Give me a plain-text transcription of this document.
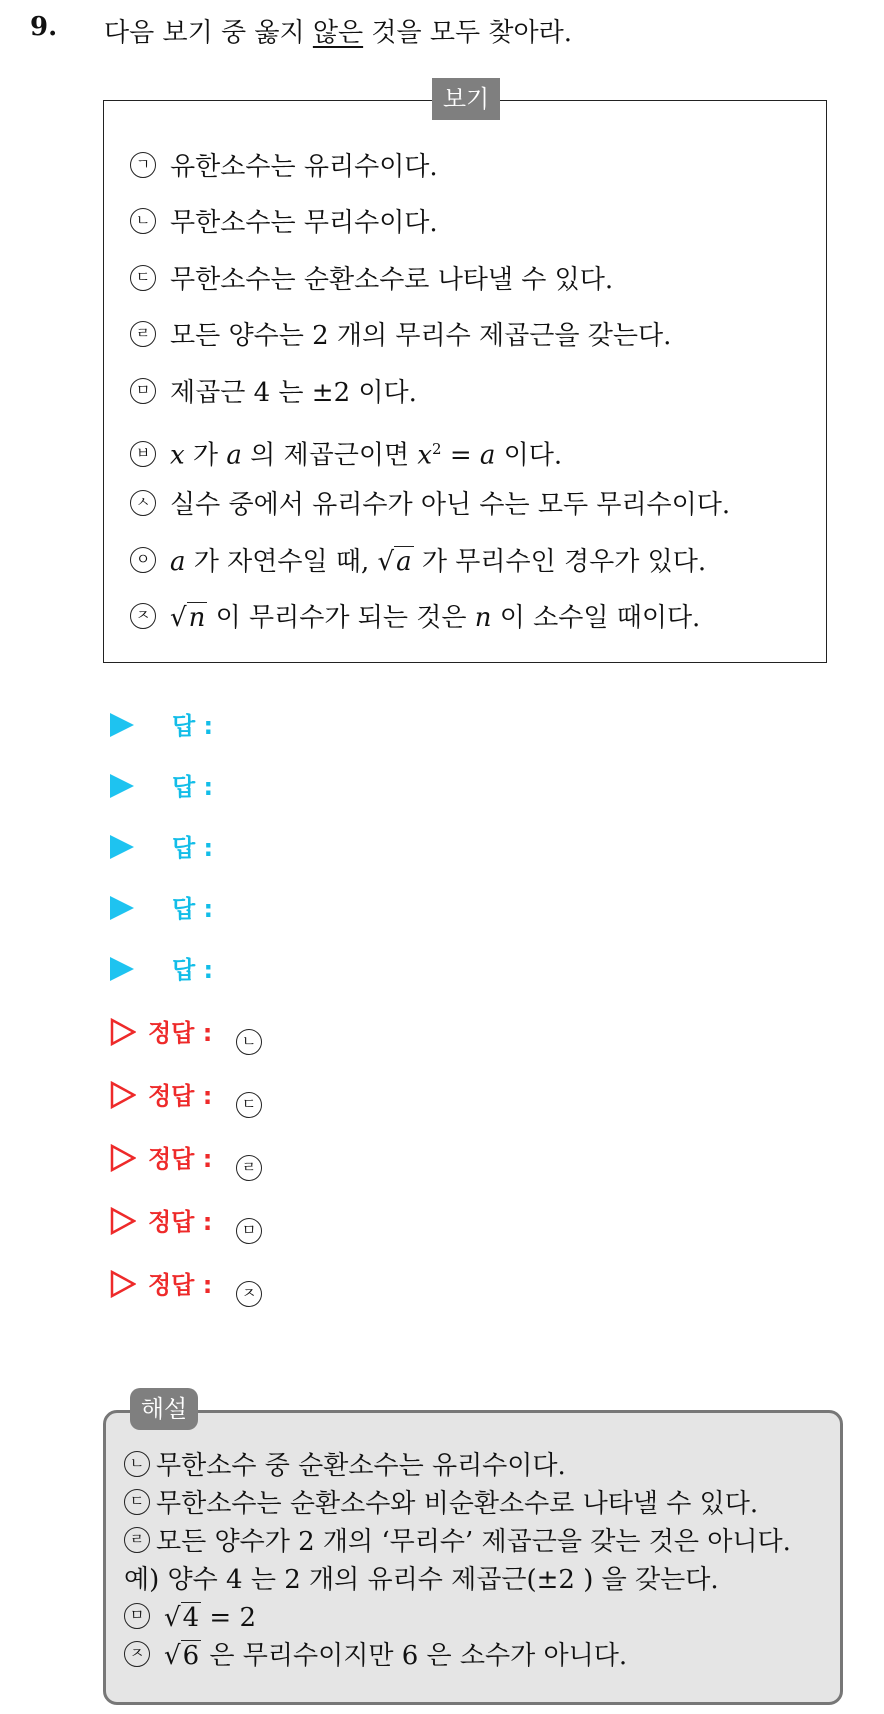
9. 다음 보기 중 옳지 않은 것을 모두 찾아라.
보기
ㄱ 유한소수는 유리수이다.
ㄴ 무한소수는 무리수이다.
ㄷ 무한소수는 순환소수로 나타낼 수 있다.
ㄹ 모든 양수는 2 개의 무리수 제곱근을 갖는다.
ㅁ 제곱근 4 는 ±2 이다.
ㅂ x 가 a 의 제곱근이면 $x^2 = a$ 이다.
ㅅ 실수 중에서 유리수가 아닌 수는 모두 무리수이다.
ㅇ a 가 자연수일 때, √a 가 무리수인 경우가 있다.
ㅈ √n 이 무리수가 되는 것은 n 이 소수일 때이다.
답 :
답 :
답 :
답 :
답 :
정답 :	ㄴ
정답 :	ㄷ
정답 :	ㄹ
정답 :	ㅁ
정답 :	ㅈ
해설
ㄴ 무한소수 중 순환소수는 유리수이다.
ㄷ 무한소수는 순환소수와 비순환소수로 나타낼 수 있다.
ㄹ 모든 양수가 2 개의 ‘무리수’ 제곱근을 갖는 것은 아니다.
예) 양수 4 는 2 개의 유리수 제곱근(±2 ) 을 갖는다.
ㅁ √4 = 2
ㅈ √6 은 무리수이지만 6 은 소수가 아니다.
